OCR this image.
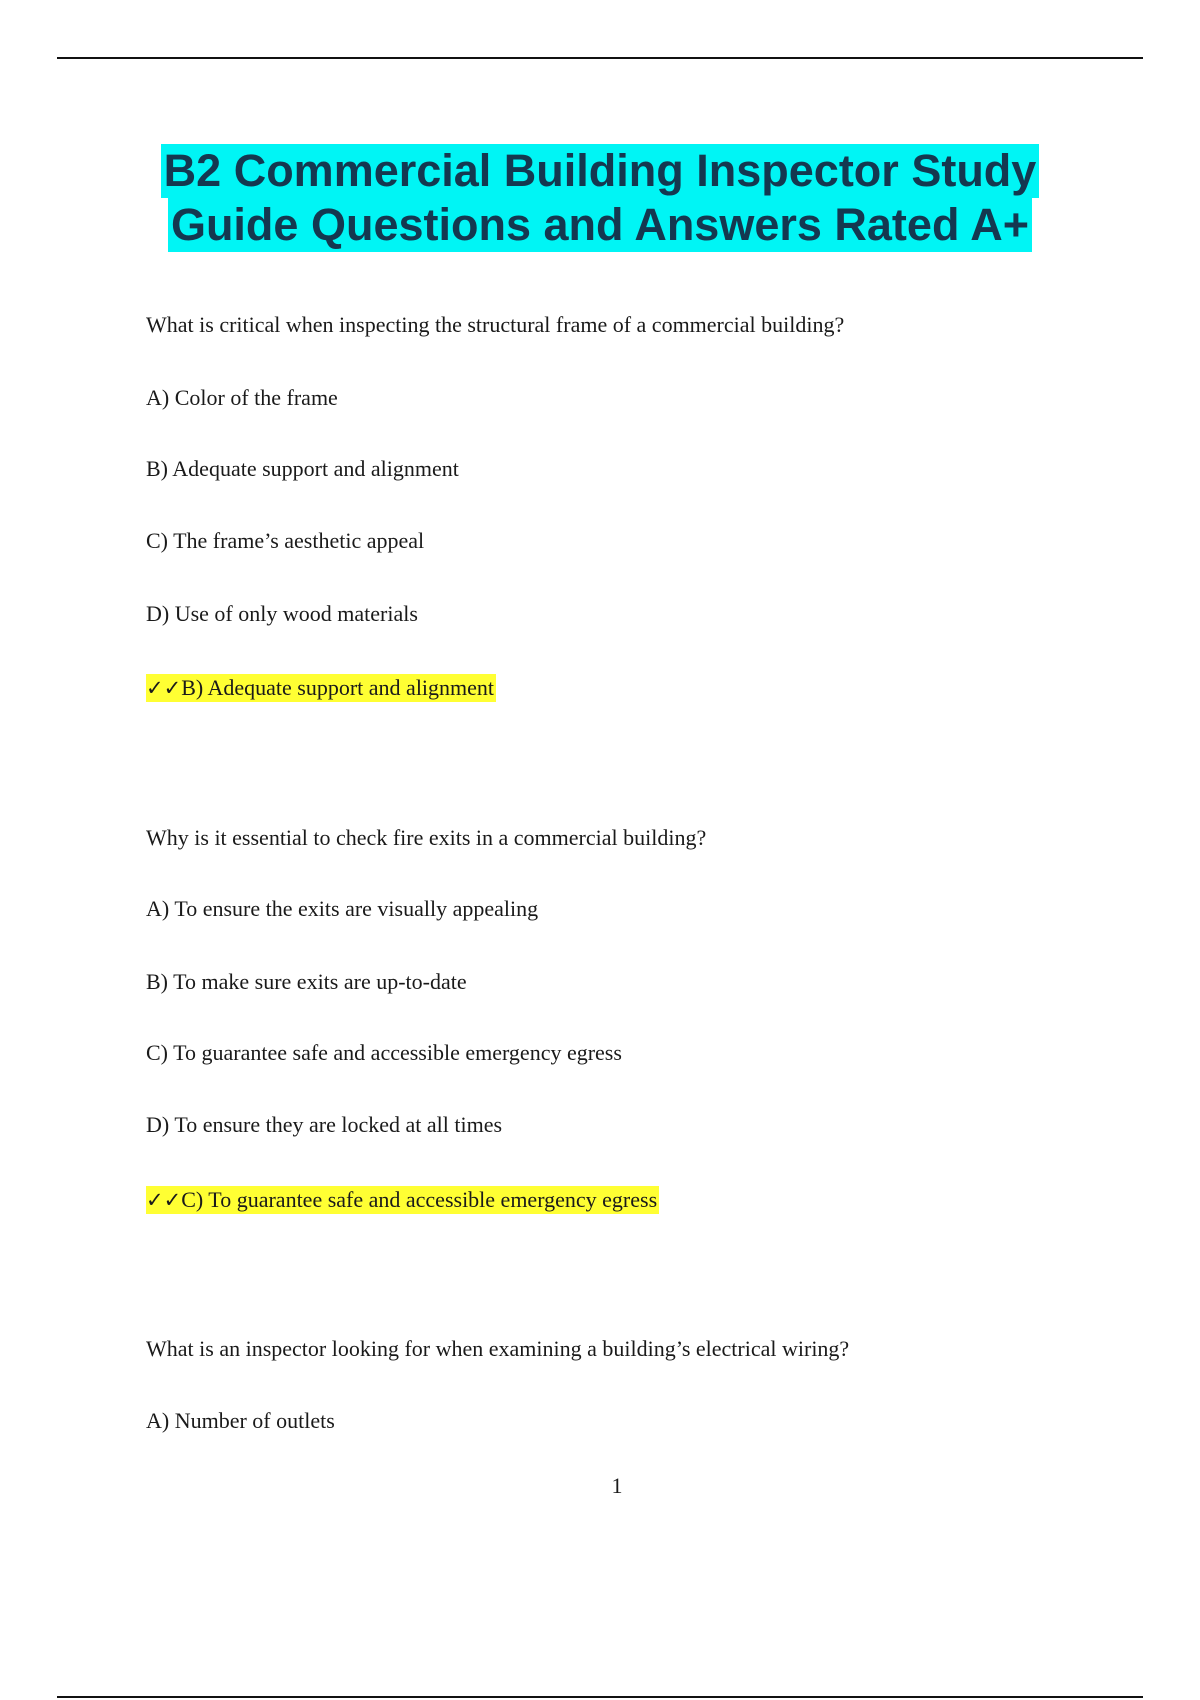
B2 Commercial Building Inspector Study
Guide Questions and Answers Rated A+
What is critical when inspecting the structural frame of a commercial building?
A) Color of the frame
B) Adequate support and alignment
C) The frame’s aesthetic appeal
D) Use of only wood materials
✓✓B) Adequate support and alignment
Why is it essential to check fire exits in a commercial building?
A) To ensure the exits are visually appealing
B) To make sure exits are up-to-date
C) To guarantee safe and accessible emergency egress
D) To ensure they are locked at all times
✓✓C) To guarantee safe and accessible emergency egress
What is an inspector looking for when examining a building’s electrical wiring?
A) Number of outlets
1
